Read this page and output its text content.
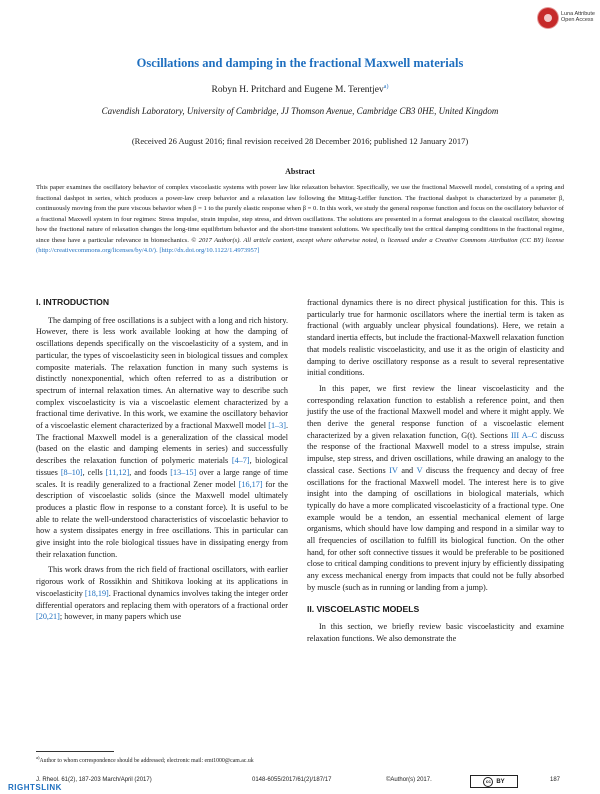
Luna Attribute
Open Access
Oscillations and damping in the fractional Maxwell materials
Robyn H. Pritchard and Eugene M. Terentjev$^{a)}$
Cavendish Laboratory, University of Cambridge, JJ Thomson Avenue, Cambridge CB3 0HE, United Kingdom
(Received 26 August 2016; final revision received 28 December 2016; published 12 January 2017)
Abstract
This paper examines the oscillatory behavior of complex viscoelastic systems with power law like relaxation behavior. Specifically, we use the fractional Maxwell model, consisting of a spring and fractional dashpot in series, which produces a power-law creep behavior and a relaxation law following the Mittag-Leffler function. The fractional dashpot is characterized by a parameter β, continuously moving from the pure viscous behavior when β = 1 to the purely elastic response when β = 0. In this work, we study the general response function and focus on the oscillatory behavior of a fractional Maxwell system in four regimes: Stress impulse, strain impulse, step stress, and driven oscillations. The solutions are presented in a format analogous to the classical oscillator, showing how the fractional nature of relaxation changes the long-time equilibrium behavior and the short-time transient solutions. We specifically test the critical damping conditions in the fractional regime, since these have a particular relevance in biomechanics. © 2017 Author(s). All article content, except where otherwise noted, is licensed under a Creative Commons Attribution (CC BY) license (http://creativecommons.org/licenses/by/4.0/). [http://dx.doi.org/10.1122/1.4973957]
I. INTRODUCTION

The damping of free oscillations is a subject with a long and rich history. However, there is less work available looking at how the damping of oscillations depends specifically on the viscoelasticity of a system, and in particular, the types of viscoelasticity seen in biological tissues and complex composite materials. The relaxation function in many such systems is distinctly nonexponential, which often referred to as a distribution or spectrum of internal relaxation times. An alternative way to describe such complex viscoelasticity is via a viscoelastic element characterized by a fractional time derivative. In this work, we examine the oscillatory behavior of a viscoelastic element characterized by a fractional Maxwell model [1–3]. The fractional Maxwell model is a generalization of the classical model (based on the elastic and damping elements in series) and successfully describes the relaxation function of polymeric materials [4–7], biological tissues [8–10], cells [11,12], and foods [13–15] over a large range of time scales. It is readily generalized to a fractional Zener model [16,17] for the description of viscoelastic solids (since the Maxwell model ultimately produces a plastic flow in response to a constant force). It is useful to be able to relate the well-understood characteristics of viscoelastic behavior to how a system dissipates energy in free oscillations. This in particular can give insight into the role biological tissues have in dissipating energy from their relaxation function.

This work draws from the rich field of fractional oscillators, with earlier rigorous work of Rossikhin and Shitikova looking at its applications in viscoelasticity [18,19]. Fractional dynamics involves taking the integer order differential operators and replacing them with operators of a fractional order [20,21]; however, in many papers which use

fractional dynamics there is no direct physical justification for this. This is particularly true for harmonic oscillators where the inertial term is taken as fractional (with arguably unclear physical foundations). Here, we retain a standard inertia effects, but include the fractional-Maxwell relaxation function that models realistic viscoelasticity, and use it as the origin of elasticity and damping to derive oscillatory response as a result to several representative initial conditions.

In this paper, we first review the linear viscoelasticity and the corresponding relaxation function to establish a reference point, and then justify the use of the fractional Maxwell model and where it might apply. We then derive the general response function of a viscoelastic element characterized by a given relaxation function, G(t). Sections III A–C discuss the response of the fractional Maxwell model to a stress impulse, strain impulse, step stress, and driven oscillations, while drawing an analogy to the classical case. Sections IV and V discuss the frequency and decay of free oscillations for the fractional Maxwell model. The interest here is to give insight into the damping of oscillations in biological materials, which typically do have a more complicated viscoelasticity of a fractional type. One example would be a tendon, an essential mechanical element of large organisms, which should have low damping and respond in a similar way to all frequencies of oscillation to fulfill its biological function. On the other hand, for other soft connective tissues it would be preferable to be positioned close to critical damping conditions to prevent injury by efficiently dissipating any excess mechanical energy from impacts that could not be fully absorbed by muscle (such as in running or landing from a jump).

II. VISCOELASTIC MODELS

In this section, we briefly review basic viscoelasticity and examine relaxation functions. We also demonstrate the

$^{a)}$Author to whom correspondence should be addressed; electronic mail: emt1000@cam.ac.uk
J. Rheol. 61(2), 187-203 March/April (2017)	0148-6055/2017/61(2)/187/17	©Author(s) 2017.	cc BY	187
RIGHTSLINK
